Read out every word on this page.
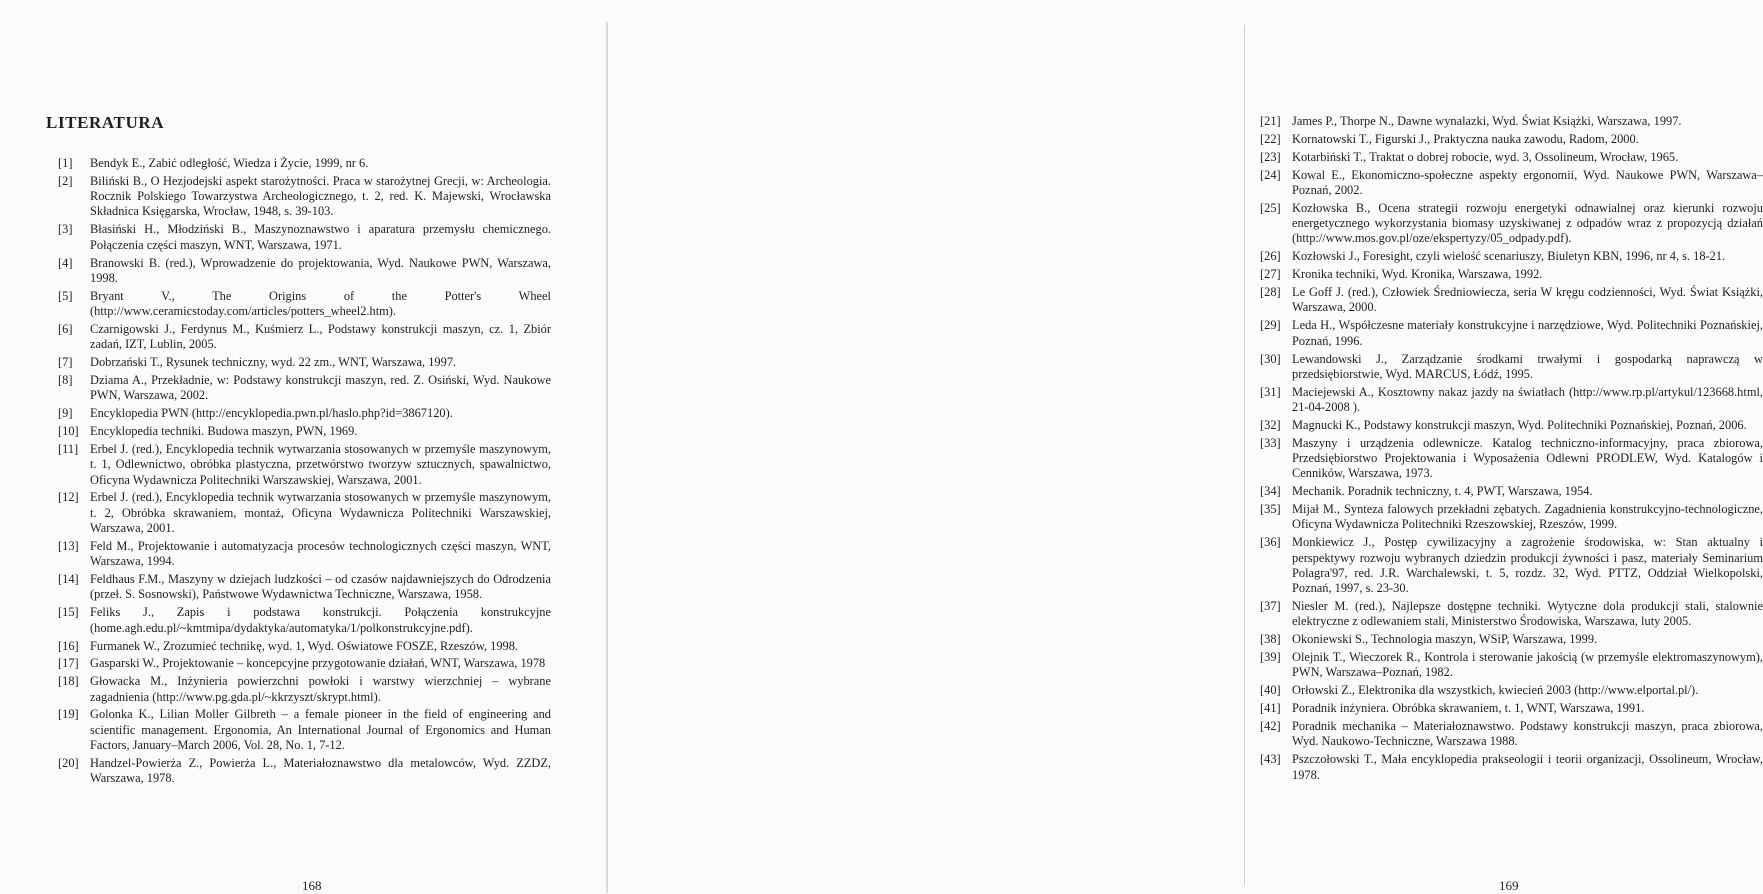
LITERATURA
[1] Bendyk E., Zabić odległość, Wiedza i Życie, 1999, nr 6.
[2] Biliński B., O Hezjodejski aspekt starożytności. Praca w starożytnej Grecji, w: Archeologia. Rocznik Polskiego Towarzystwa Archeologicznego, t. 2, red. K. Majewski, Wrocławska Składnica Księgarska, Wrocław, 1948, s. 39-103.
[3] Błasiński H., Młodziński B., Maszynoznawstwo i aparatura przemysłu chemicznego. Połączenia części maszyn, WNT, Warszawa, 1971.
[4] Branowski B. (red.), Wprowadzenie do projektowania, Wyd. Naukowe PWN, Warszawa, 1998.
[5] Bryant V., The Origins of the Potter's Wheel (http://www.ceramicstoday.com/articles/potters_wheel2.htm).
[6] Czarnigowski J., Ferdynus M., Kuśmierz L., Podstawy konstrukcji maszyn, cz. 1, Zbiór zadań, IZT, Lublin, 2005.
[7] Dobrzański T., Rysunek techniczny, wyd. 22 zm., WNT, Warszawa, 1997.
[8] Dziama A., Przekładnie, w: Podstawy konstrukcji maszyn, red. Z. Osiński, Wyd. Naukowe PWN, Warszawa, 2002.
[9] Encyklopedia PWN (http://encyklopedia.pwn.pl/haslo.php?id=3867120).
[10] Encyklopedia techniki. Budowa maszyn, PWN, 1969.
[11] Erbel J. (red.), Encyklopedia technik wytwarzania stosowanych w przemyśle maszynowym, t. 1, Odlewnictwo, obróbka plastyczna, przetwórstwo tworzyw sztucznych, spawalnictwo, Oficyna Wydawnicza Politechniki Warszawskiej, Warszawa, 2001.
[12] Erbel J. (red.), Encyklopedia technik wytwarzania stosowanych w przemyśle maszynowym, t. 2, Obróbka skrawaniem, montaż, Oficyna Wydawnicza Politechniki Warszawskiej, Warszawa, 2001.
[13] Feld M., Projektowanie i automatyzacja procesów technologicznych części maszyn, WNT, Warszawa, 1994.
[14] Feldhaus F.M., Maszyny w dziejach ludzkości – od czasów najdawniejszych do Odrodzenia (przeł. S. Sosnowski), Państwowe Wydawnictwa Techniczne, Warszawa, 1958.
[15] Feliks J., Zapis i podstawa konstrukcji. Połączenia konstrukcyjne (home.agh.edu.pl/~kmtmipa/dydaktyka/automatyka/1/polkonstrukcyjne.pdf).
[16] Furmanek W., Zrozumieć technikę, wyd. 1, Wyd. Oświatowe FOSZE, Rzeszów, 1998.
[17] Gasparski W., Projektowanie – koncepcyjne przygotowanie działań, WNT, Warszawa, 1978
[18] Głowacka M., Inżynieria powierzchni powłoki i warstwy wierzchniej – wybrane zagadnienia (http://www.pg.gda.pl/~kkrzyszt/skrypt.html).
[19] Golonka K., Lilian Moller Gilbreth – a female pioneer in the field of engineering and scientific management. Ergonomia, An International Journal of Ergonomics and Human Factors, January–March 2006, Vol. 28, No. 1, 7-12.
[20] Handzel-Powierża Z., Powierża L., Materiałoznawstwo dla metalowców, Wyd. ZZDZ, Warszawa, 1978.
168
[21] James P., Thorpe N., Dawne wynalazki, Wyd. Świat Książki, Warszawa, 1997.
[22] Kornatowski T., Figurski J., Praktyczna nauka zawodu, Radom, 2000.
[23] Kotarbiński T., Traktat o dobrej robocie, wyd. 3, Ossolineum, Wrocław, 1965.
[24] Kowal E., Ekonomiczno-społeczne aspekty ergonomii, Wyd. Naukowe PWN, Warszawa–Poznań, 2002.
[25] Kozłowska B., Ocena strategii rozwoju energetyki odnawialnej oraz kierunki rozwoju energetycznego wykorzystania biomasy uzyskiwanej z odpadów wraz z propozycją działań (http://www.mos.gov.pl/oze/ekspertyzy/05_odpady.pdf).
[26] Kozłowski J., Foresight, czyli wielość scenariuszy, Biuletyn KBN, 1996, nr 4, s. 18-21.
[27] Kronika techniki, Wyd. Kronika, Warszawa, 1992.
[28] Le Goff J. (red.), Człowiek Średniowiecza, seria W kręgu codzienności, Wyd. Świat Książki, Warszawa, 2000.
[29] Leda H., Współczesne materiały konstrukcyjne i narzędziowe, Wyd. Politechniki Poznańskiej, Poznań, 1996.
[30] Lewandowski J., Zarządzanie środkami trwałymi i gospodarką naprawczą w przedsiębiorstwie, Wyd. MARCUS, Łódź, 1995.
[31] Maciejewski A., Kosztowny nakaz jazdy na światłach (http://www.rp.pl/artykul/123668.html, 21-04-2008 ).
[32] Magnucki K., Podstawy konstrukcji maszyn, Wyd. Politechniki Poznańskiej, Poznań, 2006.
[33] Maszyny i urządzenia odlewnicze. Katalog techniczno-informacyjny, praca zbiorowa, Przedsiębiorstwo Projektowania i Wyposażenia Odlewni PRODLEW, Wyd. Katalogów i Cenników, Warszawa, 1973.
[34] Mechanik. Poradnik techniczny, t. 4, PWT, Warszawa, 1954.
[35] Mijał M., Synteza falowych przekładni zębatych. Zagadnienia konstrukcyjno-technologiczne, Oficyna Wydawnicza Politechniki Rzeszowskiej, Rzeszów, 1999.
[36] Monkiewicz J., Postęp cywilizacyjny a zagrożenie środowiska, w: Stan aktualny i perspektywy rozwoju wybranych dziedzin produkcji żywności i pasz, materiały Seminarium Polagra'97, red. J.R. Warchalewski, t. 5, rozdz. 32, Wyd. PTTZ, Oddział Wielkopolski, Poznań, 1997, s. 23-30.
[37] Niesler M. (red.), Najlepsze dostępne techniki. Wytyczne dola produkcji stali, stalownie elektryczne z odlewaniem stali, Ministerstwo Środowiska, Warszawa, luty 2005.
[38] Okoniewski S., Technologia maszyn, WSiP, Warszawa, 1999.
[39] Olejnik T., Wieczorek R., Kontrola i sterowanie jakością (w przemyśle elektromaszynowym), PWN, Warszawa–Poznań, 1982.
[40] Orłowski Z., Elektronika dla wszystkich, kwiecień 2003 (http://www.elportal.pl/).
[41] Poradnik inżyniera. Obróbka skrawaniem, t. 1, WNT, Warszawa, 1991.
[42] Poradnik mechanika – Materiałoznawstwo. Podstawy konstrukcji maszyn, praca zbiorowa, Wyd. Naukowo-Techniczne, Warszawa 1988.
[43] Pszczołowski T., Mała encyklopedia prakseologii i teorii organizacji, Ossolineum, Wrocław, 1978.
169
